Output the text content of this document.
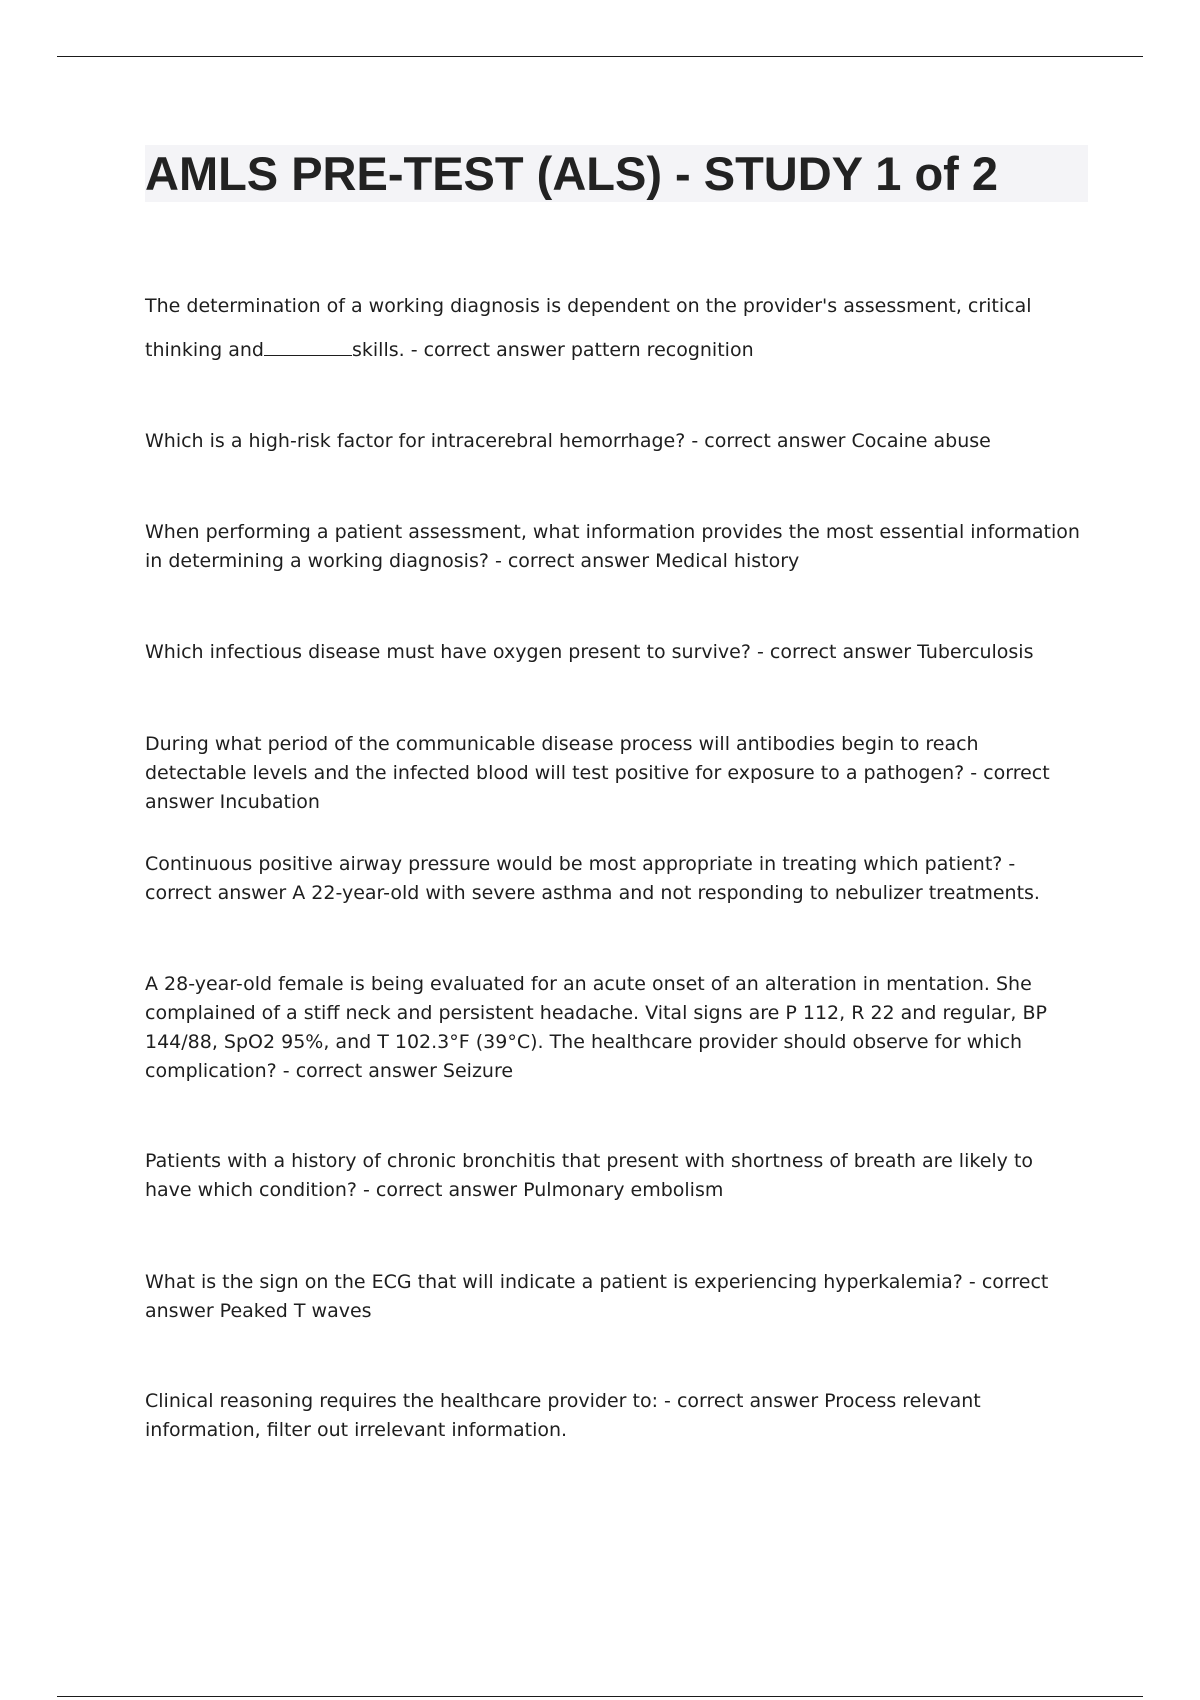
AMLS PRE-TEST (ALS) - STUDY 1 of 2

The determination of a working diagnosis is dependent on the provider's assessment, critical thinking and	skills. - correct answer pattern recognition

Which is a high-risk factor for intracerebral hemorrhage? - correct answer Cocaine abuse

When performing a patient assessment, what information provides the most essential information in determining a working diagnosis? - correct answer Medical history

Which infectious disease must have oxygen present to survive? - correct answer Tuberculosis

During what period of the communicable disease process will antibodies begin to reach detectable levels and the infected blood will test positive for exposure to a pathogen? - correct answer Incubation

Continuous positive airway pressure would be most appropriate in treating which patient? - correct answer A 22-year-old with severe asthma and not responding to nebulizer treatments.

A 28-year-old female is being evaluated for an acute onset of an alteration in mentation. She complained of a stiff neck and persistent headache. Vital signs are P 112, R 22 and regular, BP 144/88, SpO2 95%, and T 102.3°F (39°C). The healthcare provider should observe for which complication? - correct answer Seizure

Patients with a history of chronic bronchitis that present with shortness of breath are likely to have which condition? - correct answer Pulmonary embolism

What is the sign on the ECG that will indicate a patient is experiencing hyperkalemia? - correct answer Peaked T waves

Clinical reasoning requires the healthcare provider to: - correct answer Process relevant information, filter out irrelevant information.
